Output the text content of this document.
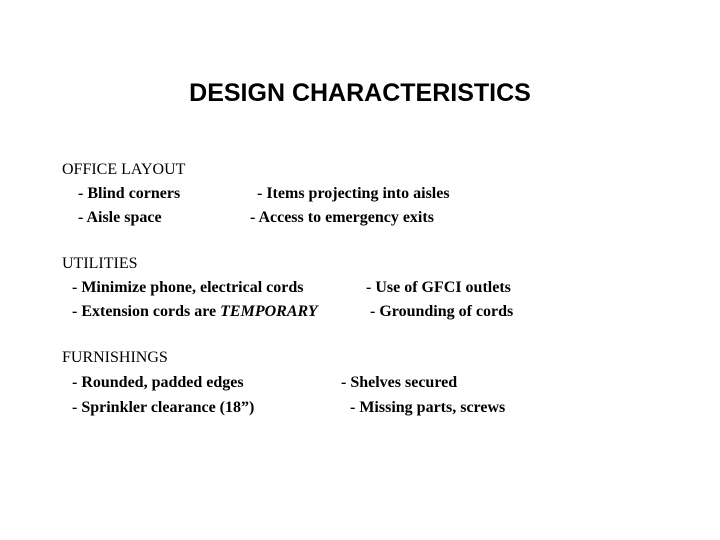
DESIGN CHARACTERISTICS
OFFICE LAYOUT
- Blind corners
- Aisle space
- Items projecting into aisles
- Access to emergency exits
UTILITIES
- Minimize phone, electrical cords
- Extension cords are TEMPORARY
- Use of GFCI outlets
- Grounding of cords
FURNISHINGS
- Rounded, padded edges
- Sprinkler clearance (18”)
- Shelves secured
- Missing parts, screws
